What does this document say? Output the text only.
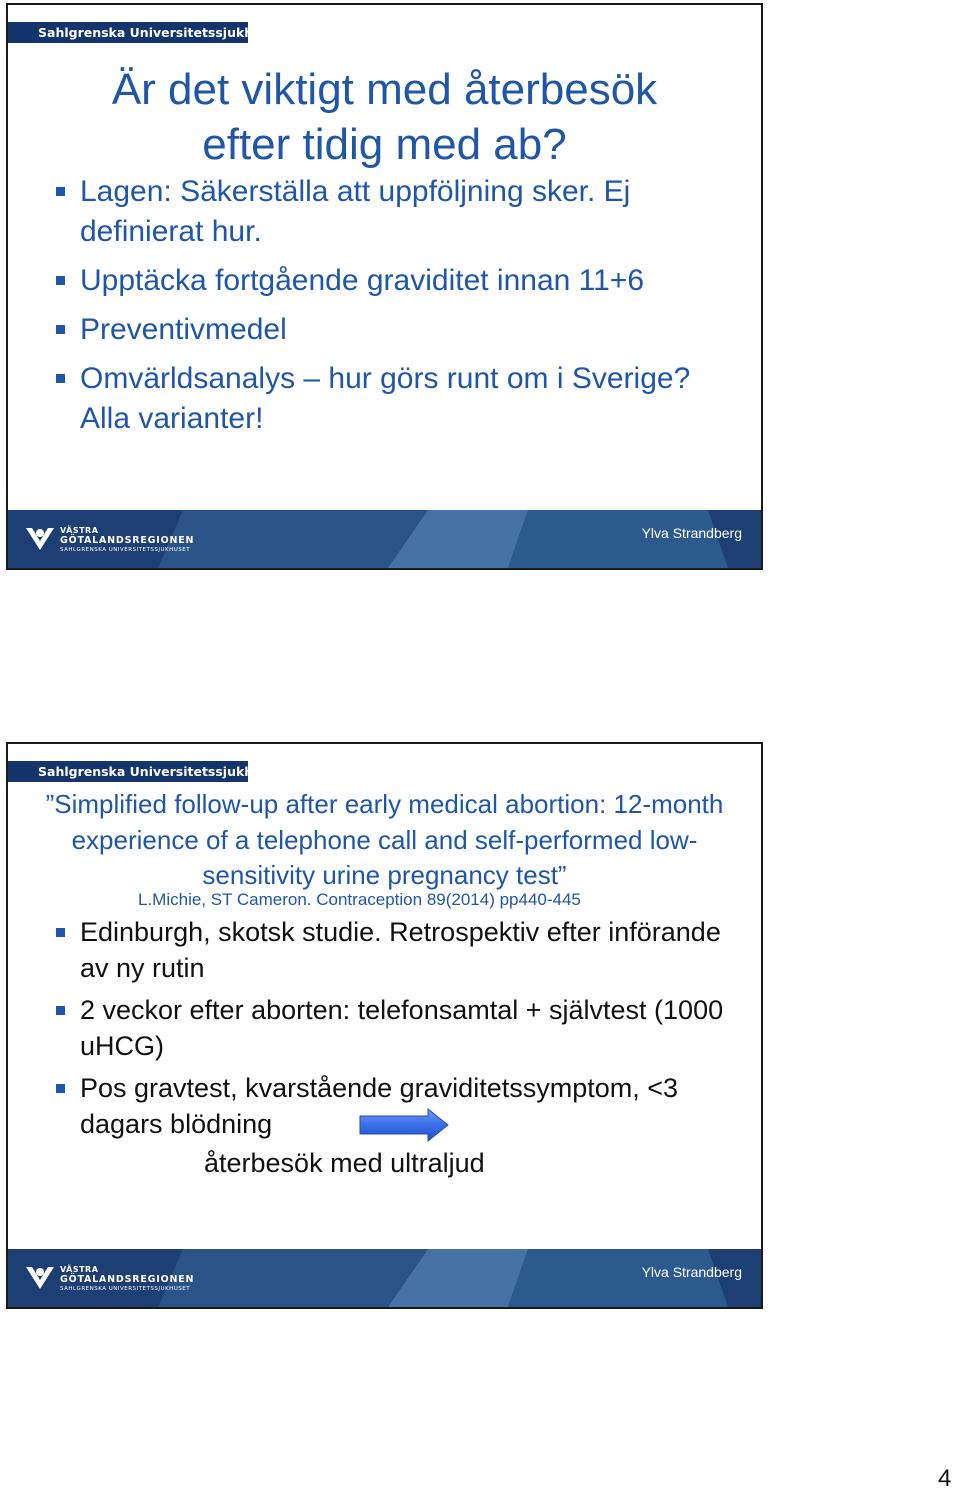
Sahlgrenska Universitetssjukhuset
Är det viktigt med återbesök
efter tidig med ab?
Lagen: Säkerställa att uppföljning sker. Ej definierat hur.
Upptäcka fortgående graviditet innan 11+6
Preventivmedel
Omvärldsanalys – hur görs runt om i Sverige? Alla varianter!
VÄSTRA
GÖTALANDSREGIONEN
SAHLGRENSKA UNIVERSITETSSJUKHUSET
Ylva Strandberg
Sahlgrenska Universitetssjukhuset
”Simplified follow-up after early medical abortion: 12-month experience of a telephone call and self-performed low-sensitivity urine pregnancy test”
L.Michie, ST Cameron. Contraception 89(2014) pp440-445
Edinburgh, skotsk studie. Retrospektiv efter införande av ny rutin
2 veckor efter aborten: telefonsamtal + självtest (1000 uHCG)
Pos gravtest, kvarstående graviditetssymptom, <3 dagars blödning
återbesök med ultraljud
VÄSTRA
GÖTALANDSREGIONEN
SAHLGRENSKA UNIVERSITETSSJUKHUSET
Ylva Strandberg
4
